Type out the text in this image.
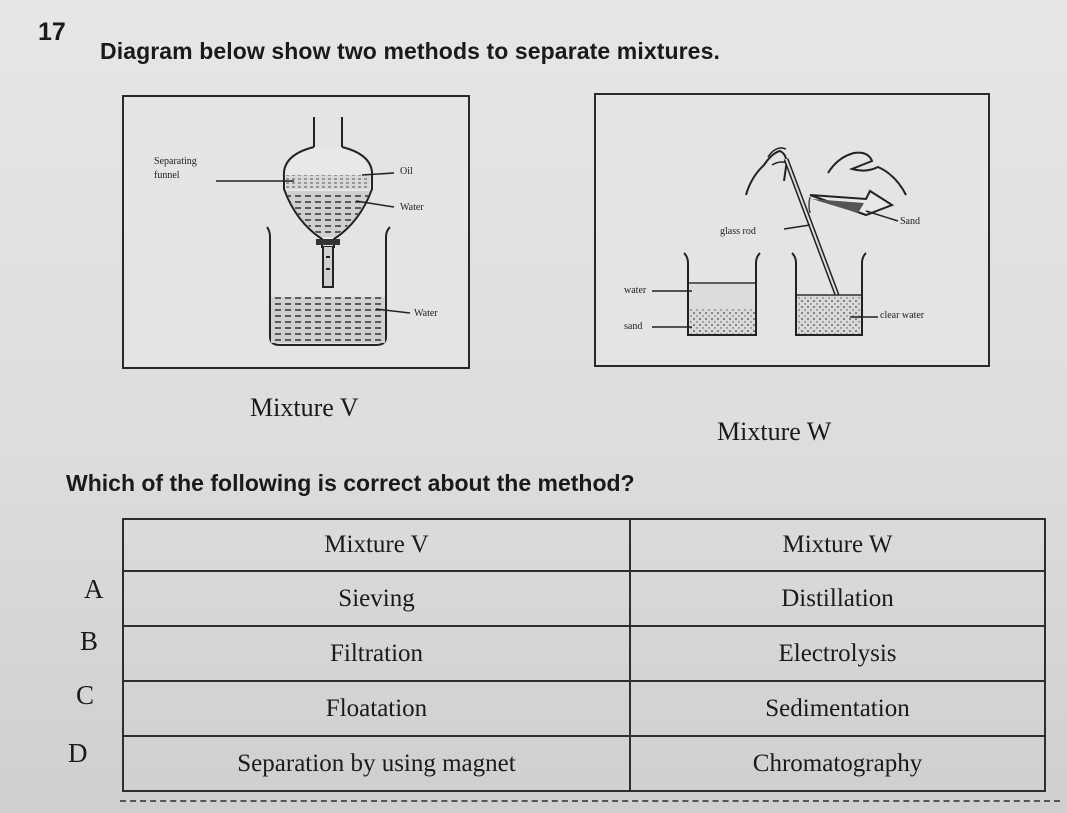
17
Diagram below show two methods to separate mixtures.
Separating
funnel	Oil
Water
Water
Sand
glass rod
water
sand
clear water
Mixture V
Mixture W
Which of the following is correct about the method?
A
B
C
D
Mixture V	Mixture W
Sieving	Distillation
Filtration	Electrolysis
Floatation	Sedimentation
Separation by using magnet	Chromatography
